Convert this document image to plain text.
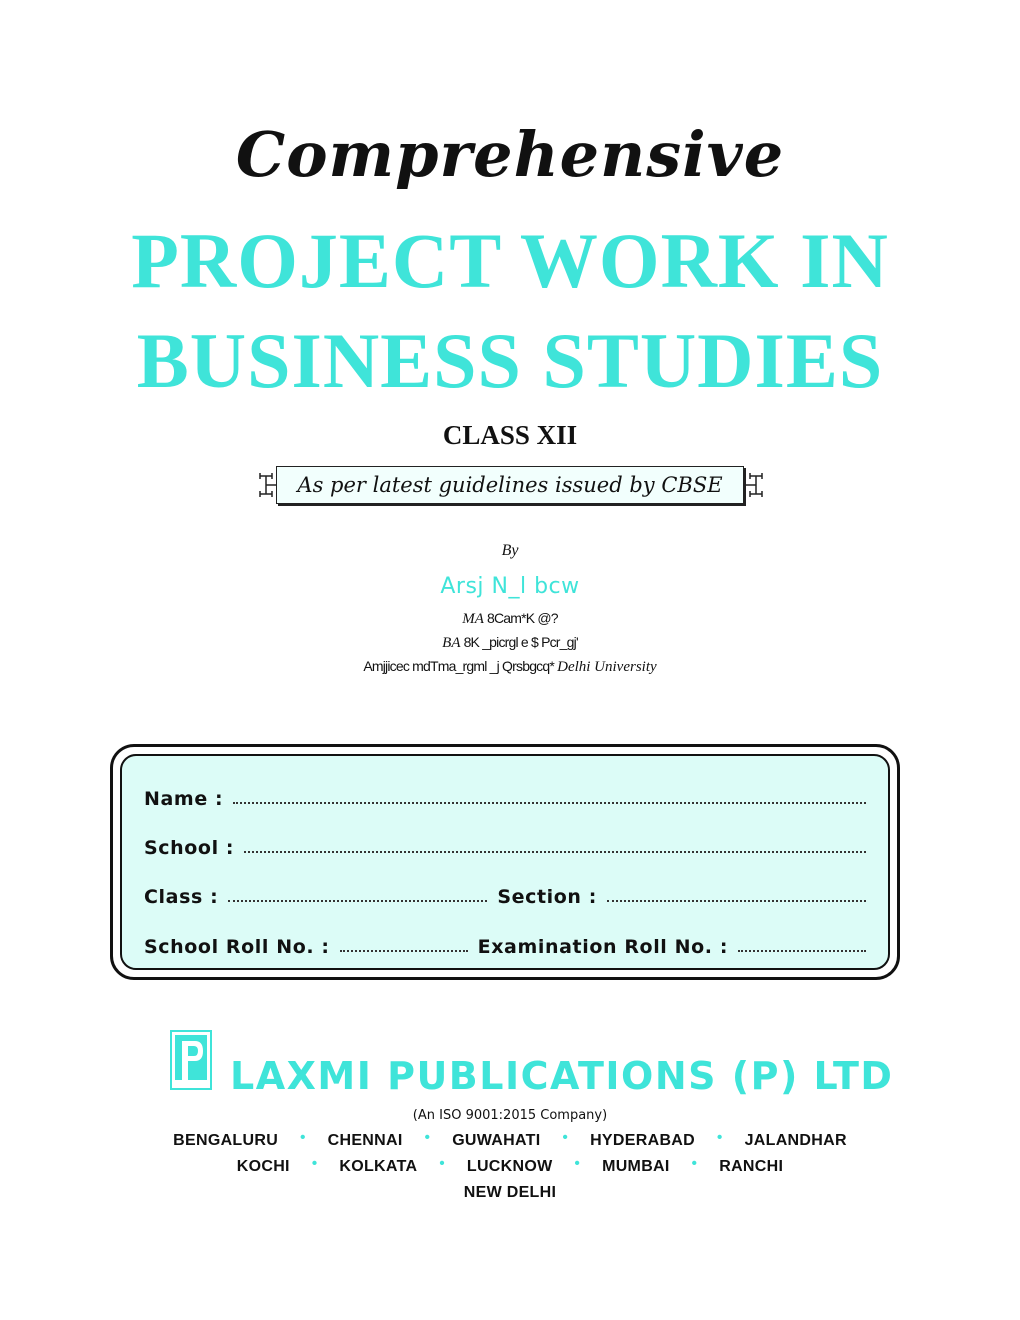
Comprehensive
PROJECT WORK IN
BUSINESS STUDIES
CLASS XII
As per latest guidelines issued by CBSE
By
Arsj N_l bcw
MA 8Cam*K @?
BA 8K _picrgl e $ Pcr_gj'
Amjjicec mdTma_rgml _j Qrsbgcq* Delhi University
Name :
School :
Class :	Section :
School Roll No. :	Examination Roll No. :
LAXMI PUBLICATIONS (P) LTD
(An ISO 9001:2015 Company)
BENGALURU • CHENNAI • GUWAHATI • HYDERABAD • JALANDHAR
KOCHI • KOLKATA • LUCKNOW • MUMBAI • RANCHI
NEW DELHI
